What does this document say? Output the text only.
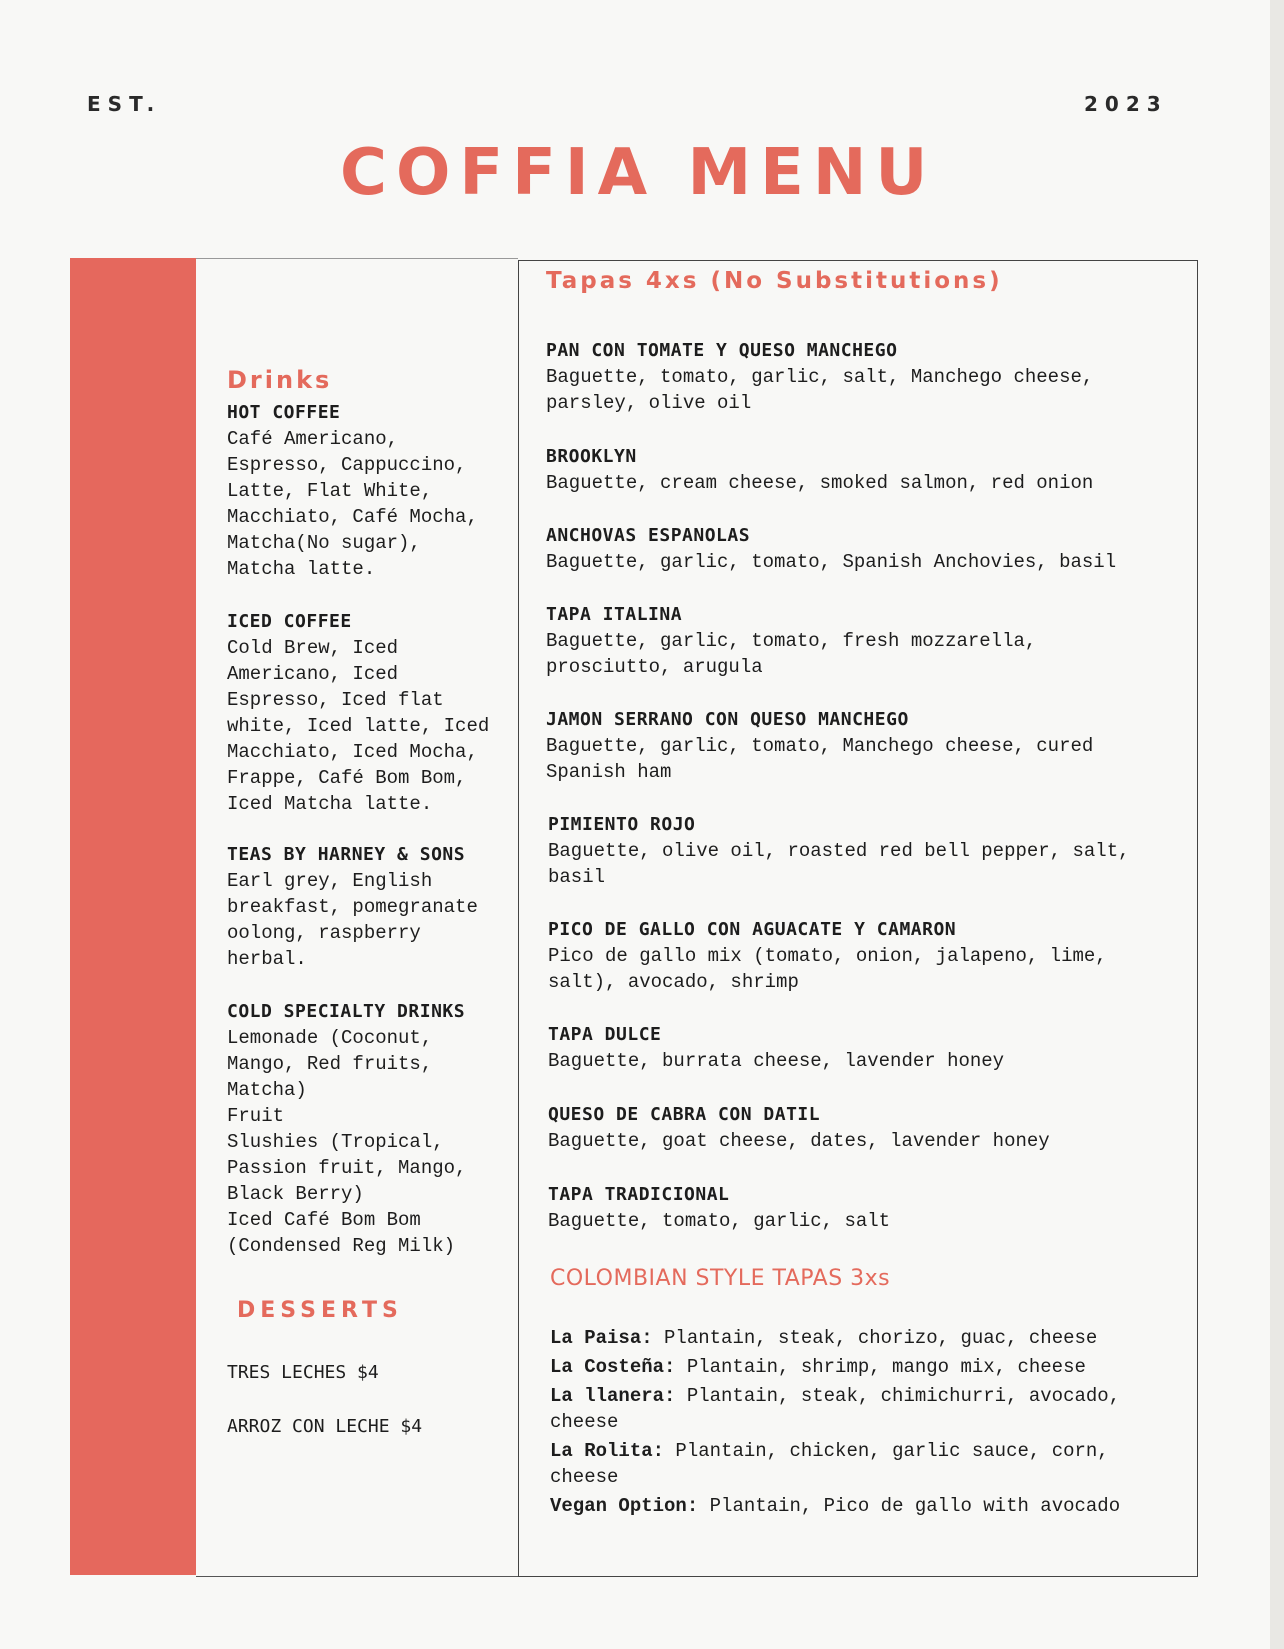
EST.	2023
COFFIA MENU
Drinks
HOT COFFEE
Café Americano,
Espresso, Cappuccino,
Latte, Flat White,
Macchiato, Café Mocha,
Matcha(No sugar),
Matcha latte.
ICED COFFEE
Cold Brew, Iced
Americano, Iced
Espresso, Iced flat
white, Iced latte, Iced
Macchiato, Iced Mocha,
Frappe, Café Bom Bom,
Iced Matcha latte.
TEAS BY HARNEY & SONS
Earl grey, English
breakfast, pomegranate
oolong, raspberry
herbal.
COLD SPECIALTY DRINKS
Lemonade (Coconut,
Mango, Red fruits,
Matcha)
Fruit
Slushies (Tropical,
Passion fruit, Mango,
Black Berry)
Iced Café Bom Bom
(Condensed Reg Milk)
DESSERTS
TRES LECHES $4
ARROZ CON LECHE $4
Tapas 4xs (No Substitutions)
PAN CON TOMATE Y QUESO MANCHEGO
Baguette, tomato, garlic, salt, Manchego cheese,
parsley, olive oil
BROOKLYN
Baguette, cream cheese, smoked salmon, red onion
ANCHOVAS ESPANOLAS
Baguette, garlic, tomato, Spanish Anchovies, basil
TAPA ITALINA
Baguette, garlic, tomato, fresh mozzarella,
prosciutto, arugula
JAMON SERRANO CON QUESO MANCHEGO
Baguette, garlic, tomato, Manchego cheese, cured
Spanish ham
PIMIENTO ROJO
Baguette, olive oil, roasted red bell pepper, salt,
basil
PICO DE GALLO CON AGUACATE Y CAMARON
Pico de gallo mix (tomato, onion, jalapeno, lime,
salt), avocado, shrimp
TAPA DULCE
Baguette, burrata cheese, lavender honey
QUESO DE CABRA CON DATIL
Baguette, goat cheese, dates, lavender honey
TAPA TRADICIONAL
Baguette, tomato, garlic, salt
COLOMBIAN STYLE TAPAS 3xs
La Paisa: Plantain, steak, chorizo, guac, cheese
La Costeña: Plantain, shrimp, mango mix, cheese
La llanera: Plantain, steak, chimichurri, avocado,
cheese
La Rolita: Plantain, chicken, garlic sauce, corn,
cheese
Vegan Option: Plantain, Pico de gallo with avocado
